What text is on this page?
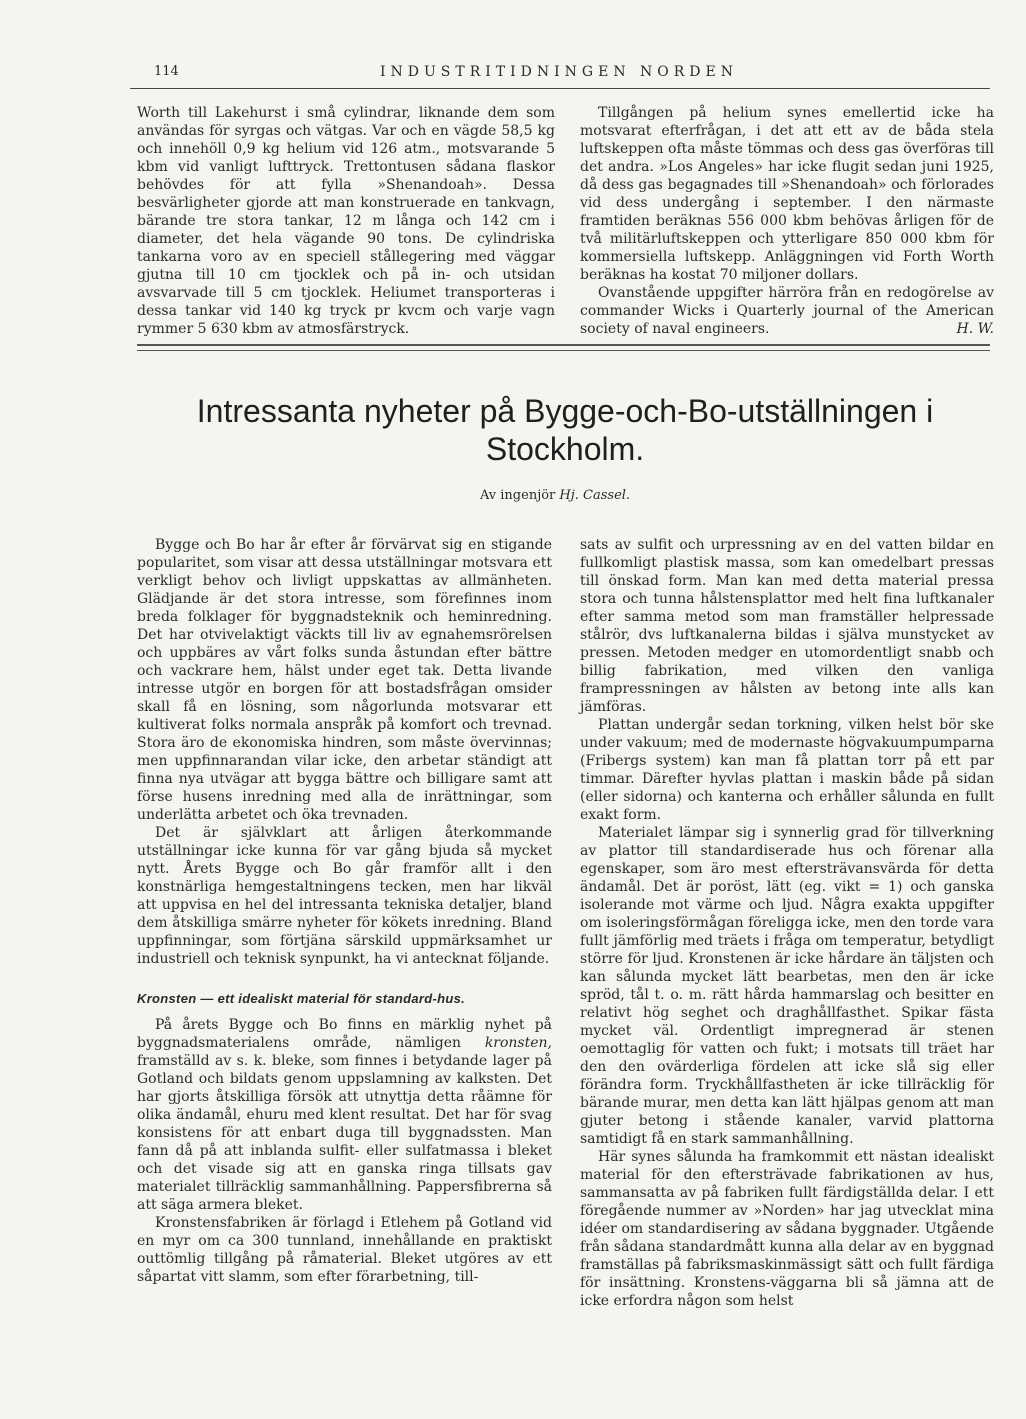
114	INDUSTRITIDNINGEN NORDEN

Worth till Lakehurst i små cylindrar, liknande dem som användas för syrgas och vätgas. Var och en vägde 58,5 kg och innehöll 0,9 kg helium vid 126 atm., motsvarande 5 kbm vid vanligt lufttryck. Trettontusen sådana flaskor behövdes för att fylla »Shenandoah». Dessa besvärligheter gjorde att man konstruerade en tankvagn, bärande tre stora tankar, 12 m långa och 142 cm i diameter, det hela vägande 90 tons. De cylindriska tankarna voro av en speciell stållegering med väggar gjutna till 10 cm tjocklek och på in- och utsidan avsvarvade till 5 cm tjocklek. Heliumet transporteras i dessa tankar vid 140 kg tryck pr kvcm och varje vagn rymmer 5 630 kbm av atmosfärstryck.

Tillgången på helium synes emellertid icke ha motsvarat efterfrågan, i det att ett av de båda stela luftskeppen ofta måste tömmas och dess gas överföras till det andra. »Los Angeles» har icke flugit sedan juni 1925, då dess gas begagnades till »Shenandoah» och förlorades vid dess undergång i september. I den närmaste framtiden beräknas 556 000 kbm behövas årligen för de två militärluftskeppen och ytterligare 850 000 kbm för kommersiella luftskepp. Anläggningen vid Forth Worth beräknas ha kostat 70 miljoner dollars.

Ovanstående uppgifter härröra från en redogörelse av commander Wicks i Quarterly journal of the American society of naval engineers.	H. W.

Intressanta nyheter på Bygge-och-Bo-utställningen i Stockholm.
Av ingenjör Hj. Cassel.

Bygge och Bo har år efter år förvärvat sig en stigande popularitet, som visar att dessa utställningar motsvara ett verkligt behov och livligt uppskattas av allmänheten. Glädjande är det stora intresse, som förefinnes inom breda folklager för byggnadsteknik och heminredning. Det har otvivelaktigt väckts till liv av egnahemsrörelsen och uppbäres av vårt folks sunda åstundan efter bättre och vackrare hem, hälst under eget tak. Detta livande intresse utgör en borgen för att bostadsfrågan omsider skall få en lösning, som någorlunda motsvarar ett kultiverat folks normala anspråk på komfort och trevnad. Stora äro de ekonomiska hindren, som måste övervinnas; men uppfinnarandan vilar icke, den arbetar ständigt att finna nya utvägar att bygga bättre och billigare samt att förse husens inredning med alla de inrättningar, som underlätta arbetet och öka trevnaden.

Det är självklart att årligen återkommande utställningar icke kunna för var gång bjuda så mycket nytt. Årets Bygge och Bo går framför allt i den konstnärliga hemgestaltningens tecken, men har likväl att uppvisa en hel del intressanta tekniska detaljer, bland dem åtskilliga smärre nyheter för kökets inredning. Bland uppfinningar, som förtjäna särskild uppmärksamhet ur industriell och teknisk synpunkt, ha vi antecknat följande.

Kronsten — ett idealiskt material för standard-hus.

På årets Bygge och Bo finns en märklig nyhet på byggnadsmaterialens område, nämligen kronsten, framställd av s. k. bleke, som finnes i betydande lager på Gotland och bildats genom uppslamning av kalksten. Det har gjorts åtskilliga försök att utnyttja detta råämne för olika ändamål, ehuru med klent resultat. Det har för svag konsistens för att enbart duga till byggnadssten. Man fann då på att inblanda sulfit- eller sulfatmassa i bleket och det visade sig att en ganska ringa tillsats gav materialet tillräcklig sammanhållning. Pappersfibrerna så att säga armera bleket.

Kronstensfabriken är förlagd i Etlehem på Gotland vid en myr om ca 300 tunnland, innehållande en praktiskt outtömlig tillgång på råmaterial. Bleket utgöres av ett såpartat vitt slamm, som efter förarbetning, till-

sats av sulfit och urpressning av en del vatten bildar en fullkomligt plastisk massa, som kan omedelbart pressas till önskad form. Man kan med detta material pressa stora och tunna hålstensplattor med helt fina luftkanaler efter samma metod som man framställer helpressade stålrör, dvs luftkanalerna bildas i själva munstycket av pressen. Metoden medger en utomordentligt snabb och billig fabrikation, med vilken den vanliga frampressningen av hålsten av betong inte alls kan jämföras.

Plattan undergår sedan torkning, vilken helst bör ske under vakuum; med de modernaste högvakuumpumparna (Fribergs system) kan man få plattan torr på ett par timmar. Därefter hyvlas plattan i maskin både på sidan (eller sidorna) och kanterna och erhåller sålunda en fullt exakt form.

Materialet lämpar sig i synnerlig grad för tillverkning av plattor till standardiserade hus och förenar alla egenskaper, som äro mest eftersträvansvärda för detta ändamål. Det är poröst, lätt (eg. vikt = 1) och ganska isolerande mot värme och ljud. Några exakta uppgifter om isoleringsförmågan föreligga icke, men den torde vara fullt jämförlig med träets i fråga om temperatur, betydligt större för ljud. Kronstenen är icke hårdare än täljsten och kan sålunda mycket lätt bearbetas, men den är icke spröd, tål t. o. m. rätt hårda hammarslag och besitter en relativt hög seghet och draghållfasthet. Spikar fästa mycket väl. Ordentligt impregnerad är stenen oemottaglig för vatten och fukt; i motsats till träet har den den ovärderliga fördelen att icke slå sig eller förändra form. Tryckhållfastheten är icke tillräcklig för bärande murar, men detta kan lätt hjälpas genom att man gjuter betong i stående kanaler, varvid plattorna samtidigt få en stark sammanhållning.

Här synes sålunda ha framkommit ett nästan idealiskt material för den eftersträvade fabrikationen av hus, sammansatta av på fabriken fullt färdigställda delar. I ett föregående nummer av »Norden» har jag utvecklat mina idéer om standardisering av sådana byggnader. Utgående från sådana standardmått kunna alla delar av en byggnad framställas på fabriksmaskinmässigt sätt och fullt färdiga för insättning. Kronstens-väggarna bli så jämna att de icke erfordra någon som helst
